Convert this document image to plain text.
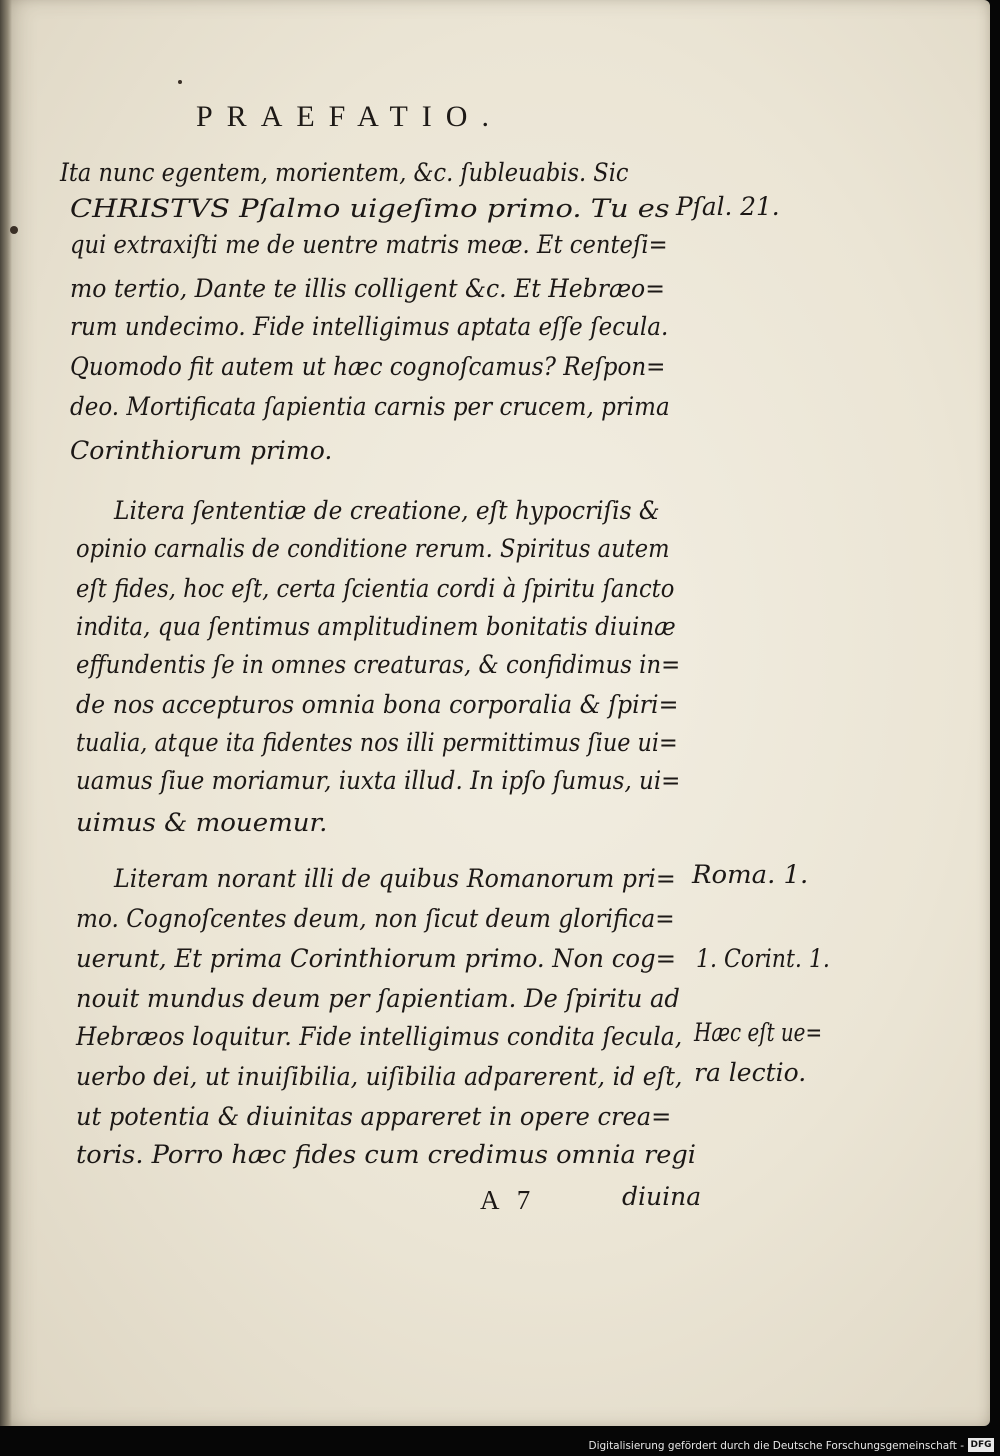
PRAEFATIO.
Ita nunc egentem, morientem, &c. ſubleuabis. Sic
CHRISTVS Pſalmo uigeſimo primo. Tu es
qui extraxiſti me de uentre matris meæ. Et centeſi=
mo tertio, Dante te illis colligent &c. Et Hebræo=
rum undecimo. Fide intelligimus aptata eſſe ſecula.
Quomodo fit autem ut hæc cognoſcamus? Reſpon=
deo. Mortificata ſapientia carnis per crucem, prima
Corinthiorum primo.
Litera ſententiæ de creatione, eſt hypocriſis &
opinio carnalis de conditione rerum. Spiritus autem
eſt fides, hoc eſt, certa ſcientia cordi à ſpiritu ſancto
indita, qua ſentimus amplitudinem bonitatis diuinæ
effundentis ſe in omnes creaturas, & confidimus in=
de nos accepturos omnia bona corporalia & ſpiri=
tualia, atque ita fidentes nos illi permittimus ſiue ui=
uamus ſiue moriamur, iuxta illud. In ipſo ſumus, ui=
uimus & mouemur.
Literam norant illi de quibus Romanorum pri=
mo. Cognoſcentes deum, non ſicut deum glorifica=
uerunt, Et prima Corinthiorum primo. Non cog=
nouit mundus deum per ſapientiam. De ſpiritu ad
Hebræos loquitur. Fide intelligimus condita ſecula,
uerbo dei, ut inuiſibilia, uiſibilia adparerent, id eſt,
ut potentia & diuinitas appareret in opere crea=
toris. Porro hæc fides cum credimus omnia regi
Pſal. 21.
Roma. 1.
1. Corint. 1.
Hæc eſt ue=
ra lectio.
A 7	diuina
Digitalisierung gefördert durch die Deutsche Forschungsgemeinschaft - DFG
